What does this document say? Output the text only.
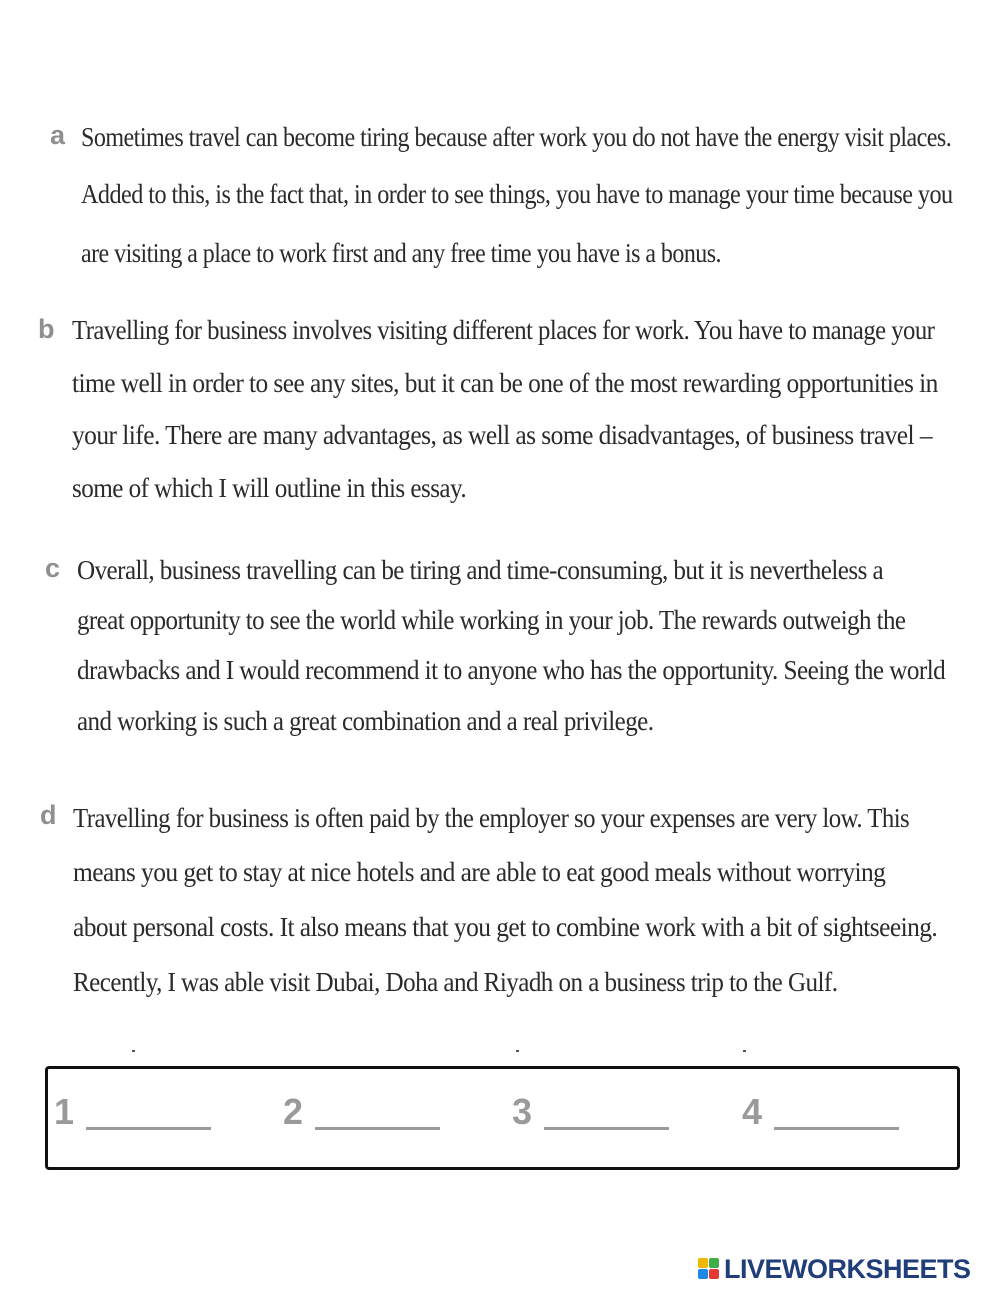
a Sometimes travel can become tiring because after work you do not have the energy visit places.
Added to this, is the fact that, in order to see things, you have to manage your time because you
are visiting a place to work first and any free time you have is a bonus.
b Travelling for business involves visiting different places for work. You have to manage your
time well in order to see any sites, but it can be one of the most rewarding opportunities in
your life. There are many advantages, as well as some disadvantages, of business travel –
some of which I will outline in this essay.
c Overall, business travelling can be tiring and time-consuming, but it is nevertheless a
great opportunity to see the world while working in your job. The rewards outweigh the
drawbacks and I would recommend it to anyone who has the opportunity. Seeing the world
and working is such a great combination and a real privilege.
d Travelling for business is often paid by the employer so your expenses are very low. This
means you get to stay at nice hotels and are able to eat good meals without worrying
about personal costs. It also means that you get to combine work with a bit of sightseeing.
Recently, I was able visit Dubai, Doha and Riyadh on a business trip to the Gulf.
1	2	3	4
LIVEWORKSHEETS
